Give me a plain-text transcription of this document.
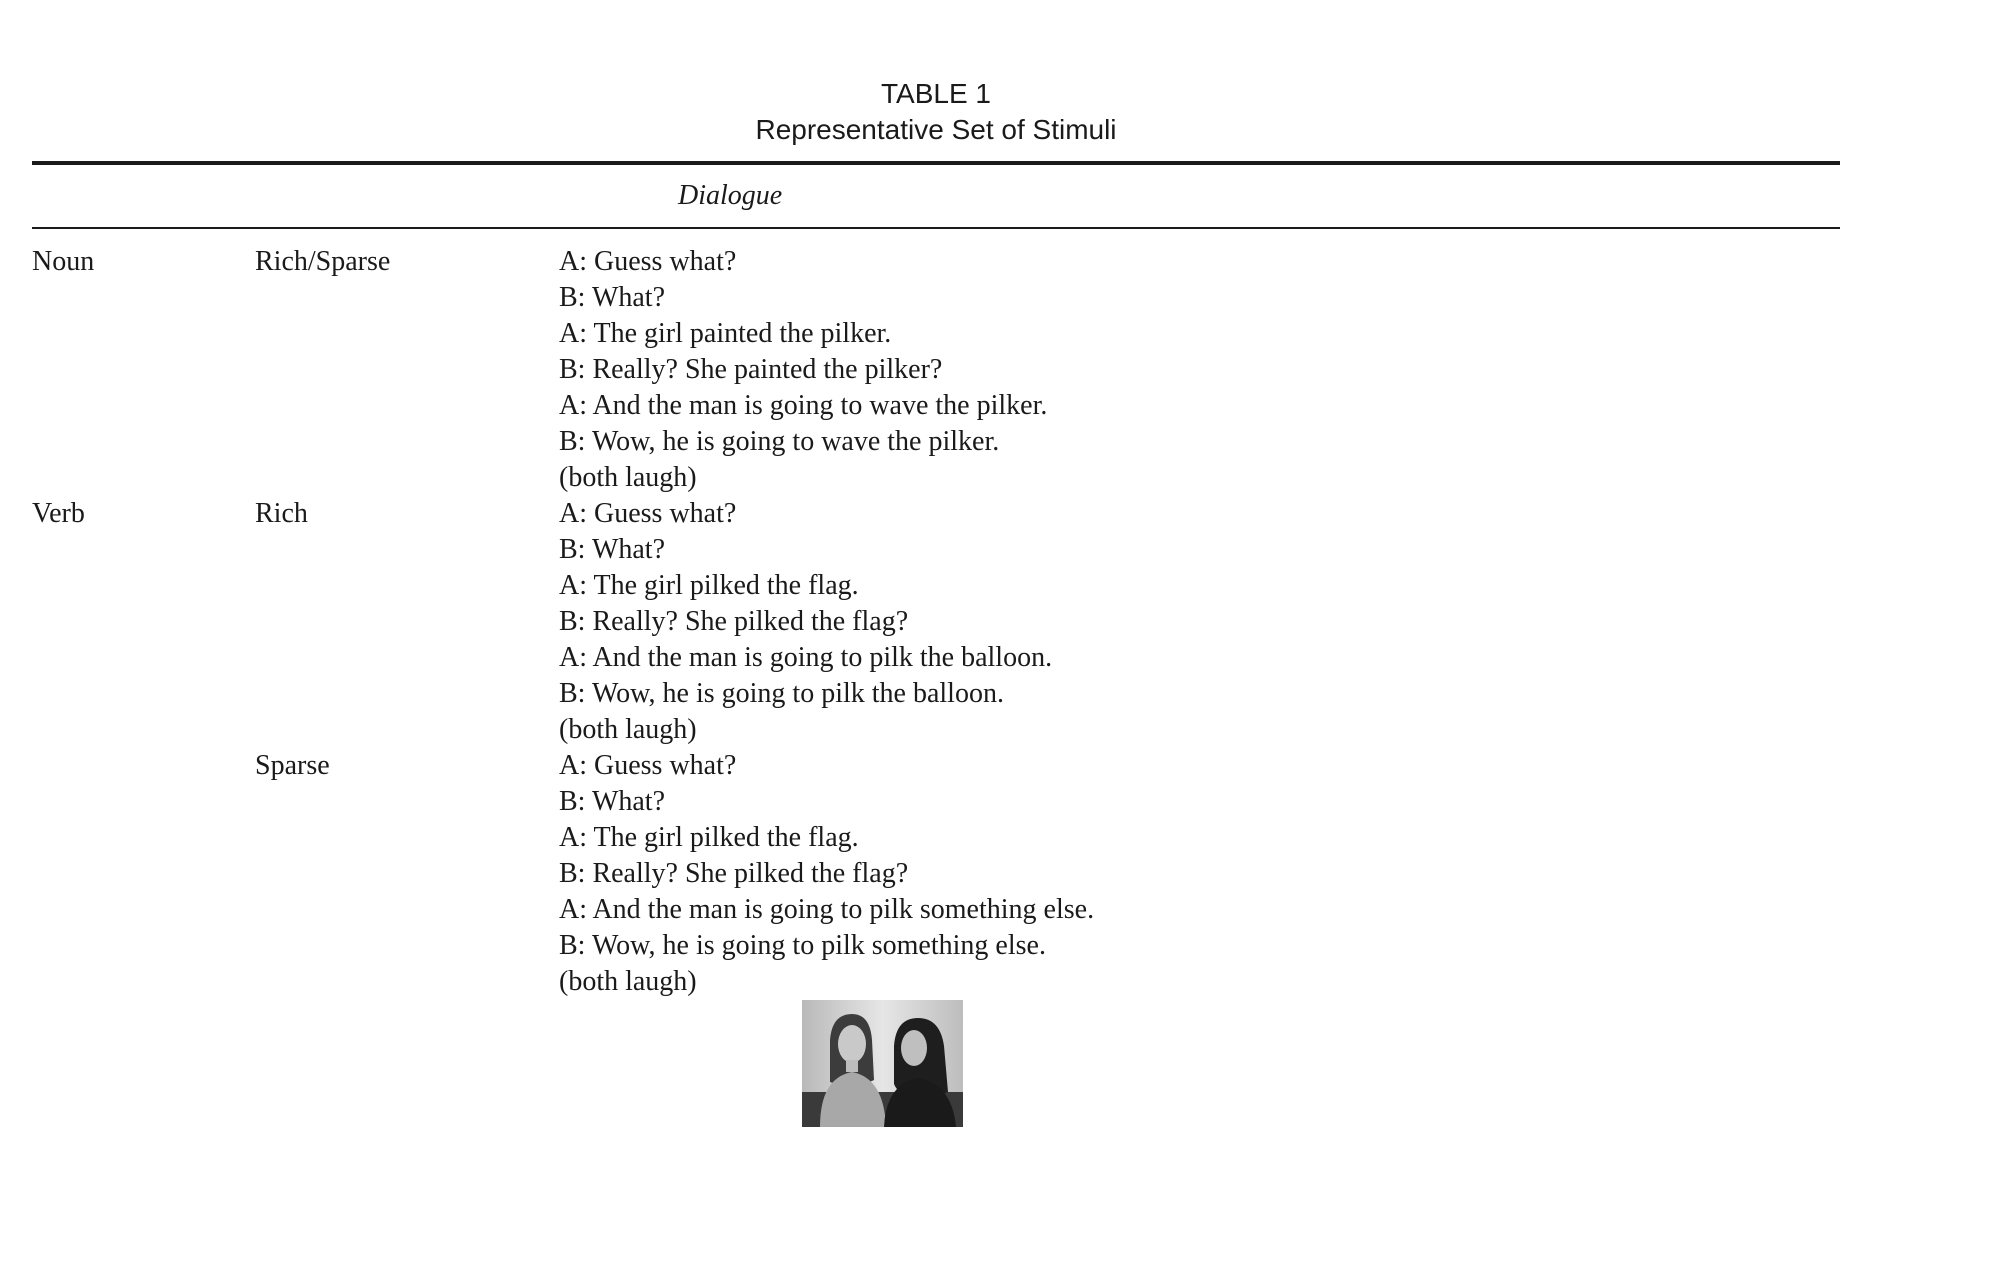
TABLE 1
Representative Set of Stimuli
Dialogue
Noun	Rich/Sparse	A: Guess what?
B: What?
A: The girl painted the pilker.
B: Really? She painted the pilker?
A: And the man is going to wave the pilker.
B: Wow, he is going to wave the pilker.
(both laugh)
Verb	Rich	A: Guess what?
B: What?
A: The girl pilked the flag.
B: Really? She pilked the flag?
A: And the man is going to pilk the balloon.
B: Wow, he is going to pilk the balloon.
(both laugh)
Sparse	A: Guess what?
B: What?
A: The girl pilked the flag.
B: Really? She pilked the flag?
A: And the man is going to pilk something else.
B: Wow, he is going to pilk something else.
(both laugh)
